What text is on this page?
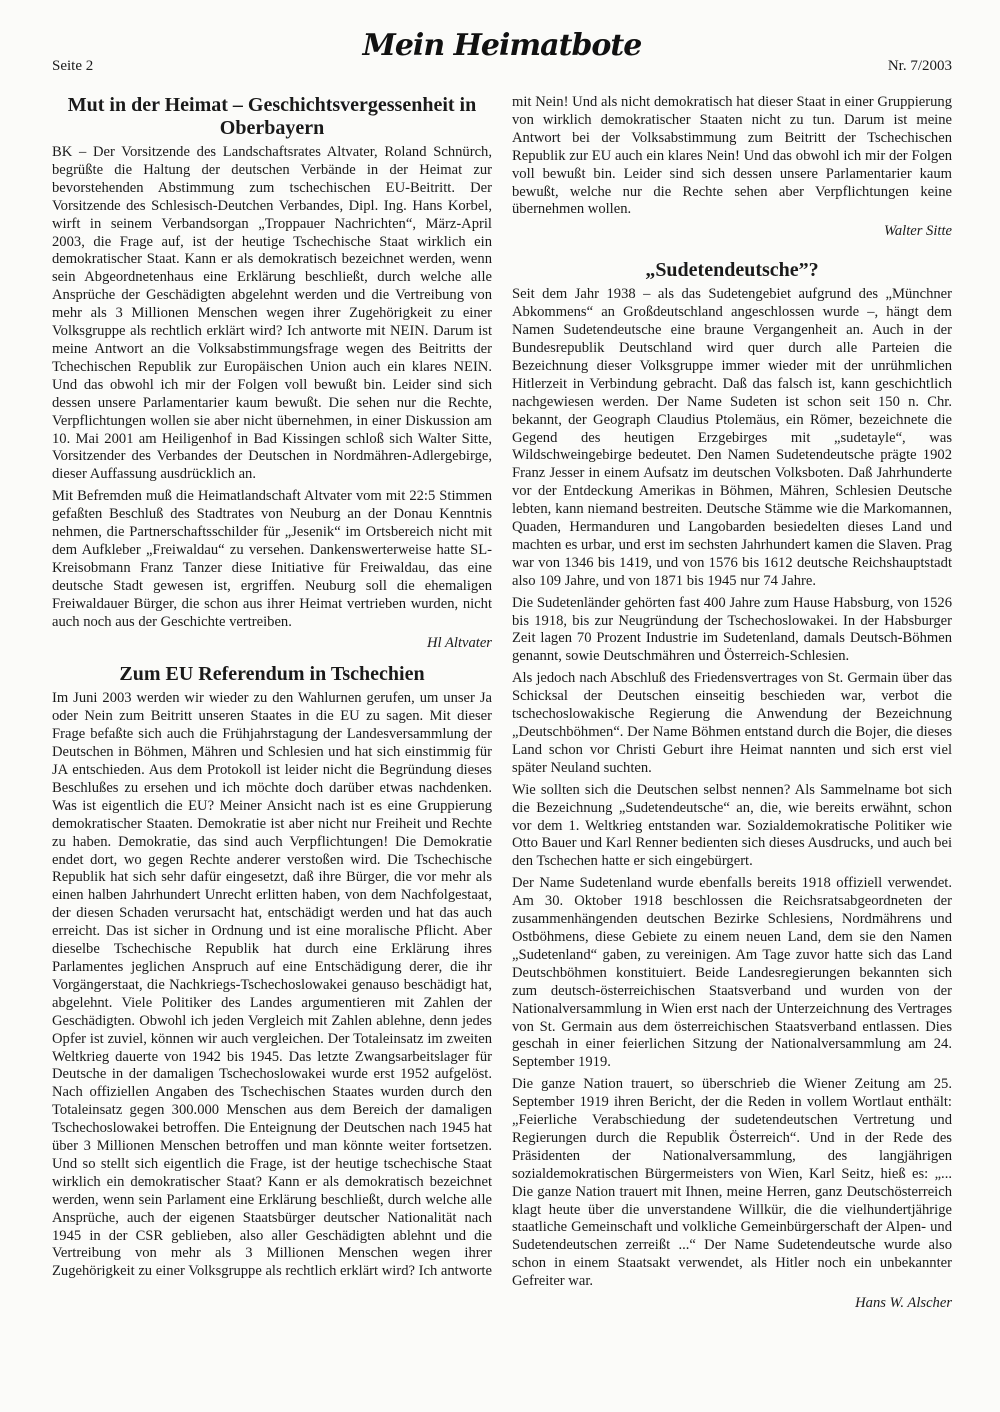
Seite 2
Mein Heimatbote
Nr. 7/2003
Mut in der Heimat – Geschichtsvergessenheit in Oberbayern

BK – Der Vorsitzende des Landschaftsrates Altvater, Roland Schnürch, begrüßte die Haltung der deutschen Verbände in der Heimat zur bevorstehenden Abstimmung zum tschechischen EU-Beitritt. Der Vorsitzende des Schlesisch-Deutchen Verbandes, Dipl. Ing. Hans Korbel, wirft in seinem Verbandsorgan „Troppauer Nachrichten“, März-April 2003, die Frage auf, ist der heutige Tschechische Staat wirklich ein demokratischer Staat. Kann er als demokratisch bezeichnet werden, wenn sein Abgeordnetenhaus eine Erklärung beschließt, durch welche alle Ansprüche der Geschädigten abgelehnt werden und die Vertreibung von mehr als 3 Millionen Menschen wegen ihrer Zugehörigkeit zu einer Volksgruppe als rechtlich erklärt wird? Ich antworte mit NEIN. Darum ist meine Antwort an die Volksabstimmungsfrage wegen des Beitritts der Tchechischen Republik zur Europäischen Union auch ein klares NEIN. Und das obwohl ich mir der Folgen voll bewußt bin. Leider sind sich dessen unsere Parlamentarier kaum bewußt. Die sehen nur die Rechte, Verpflichtungen wollen sie aber nicht übernehmen, in einer Diskussion am 10. Mai 2001 am Heiligenhof in Bad Kissingen schloß sich Walter Sitte, Vorsitzender des Verbandes der Deutschen in Nordmähren-Adlergebirge, dieser Auffassung ausdrücklich an.

Mit Befremden muß die Heimatlandschaft Altvater vom mit 22:5 Stimmen gefaßten Beschluß des Stadtrates von Neuburg an der Donau Kenntnis nehmen, die Partnerschaftsschilder für „Jesenik“ im Ortsbereich nicht mit dem Aufkleber „Freiwaldau“ zu versehen. Dankenswerterweise hatte SL-Kreisobmann Franz Tanzer diese Initiative für Freiwaldau, das eine deutsche Stadt gewesen ist, ergriffen. Neuburg soll die ehemaligen Freiwaldauer Bürger, die schon aus ihrer Heimat vertrieben wurden, nicht auch noch aus der Geschichte vertreiben.

Hl Altvater
Zum EU Referendum in Tschechien

Im Juni 2003 werden wir wieder zu den Wahlurnen gerufen, um unser Ja oder Nein zum Beitritt unseren Staates in die EU zu sagen. Mit dieser Frage befaßte sich auch die Frühjahrstagung der Landesversammlung der Deutschen in Böhmen, Mähren und Schlesien und hat sich einstimmig für JA entschieden. Aus dem Protokoll ist leider nicht die Begründung dieses Beschlußes zu ersehen und ich möchte doch darüber etwas nachdenken. Was ist eigentlich die EU? Meiner Ansicht nach ist es eine Gruppierung demokratischer Staaten. Demokratie ist aber nicht nur Freiheit und Rechte zu haben. Demokratie, das sind auch Verpflichtungen! Die Demokratie endet dort, wo gegen Rechte anderer verstoßen wird. Die Tschechische Republik hat sich sehr dafür eingesetzt, daß ihre Bürger, die vor mehr als einen halben Jahrhundert Unrecht erlitten haben, von dem Nachfolgestaat, der diesen Schaden verursacht hat, entschädigt werden und hat das auch erreicht. Das ist sicher in Ordnung und ist eine moralische Pflicht. Aber dieselbe Tschechische Republik hat durch eine Erklärung ihres Parlamentes jeglichen Anspruch auf eine Entschädigung derer, die ihr Vorgängerstaat, die Nachkriegs-Tschechoslowakei genauso beschädigt hat, abgelehnt. Viele Politiker des Landes argumentieren mit Zahlen der Geschädigten. Obwohl ich jeden Vergleich mit Zahlen ablehne, denn jedes Opfer ist zuviel, können wir auch vergleichen. Der Totaleinsatz im zweiten Weltkrieg dauerte von 1942 bis 1945. Das letzte Zwangsarbeitslager für Deutsche in der damaligen Tschechoslowakei wurde erst 1952 aufgelöst. Nach offiziellen Angaben des Tschechischen Staates wurden durch den Totaleinsatz gegen 300.000 Menschen aus dem Bereich der damaligen Tschechoslowakei betroffen. Die Enteignung der Deutschen nach 1945 hat über 3 Millionen Menschen betroffen und man könnte weiter fortsetzen. Und so stellt sich eigentlich die Frage, ist der heutige tschechische Staat wirklich ein demokratischer Staat? Kann er als demokratisch bezeichnet werden, wenn sein Parlament eine Erklärung beschließt, durch welche alle Ansprüche, auch der eigenen Staatsbürger deutscher Nationalität nach 1945 in der CSR geblieben, also aller Geschädigten ablehnt und die Vertreibung von mehr als 3 Millionen Menschen wegen ihrer Zugehörigkeit zu einer Volksgruppe als rechtlich erklärt wird? Ich antworte

mit Nein! Und als nicht demokratisch hat dieser Staat in einer Gruppierung von wirklich demokratischer Staaten nicht zu tun. Darum ist meine Antwort bei der Volksabstimmung zum Beitritt der Tschechischen Republik zur EU auch ein klares Nein! Und das obwohl ich mir der Folgen voll bewußt bin. Leider sind sich dessen unsere Parlamentarier kaum bewußt, welche nur die Rechte sehen aber Verpflichtungen keine übernehmen wollen.

Walter Sitte
„Sudetendeutsche”?

Seit dem Jahr 1938 – als das Sudetengebiet aufgrund des „Münchner Abkommens“ an Großdeutschland angeschlossen wurde –, hängt dem Namen Sudetendeutsche eine braune Vergangenheit an. Auch in der Bundesrepublik Deutschland wird quer durch alle Parteien die Bezeichnung dieser Volksgruppe immer wieder mit der unrühmlichen Hitlerzeit in Verbindung gebracht. Daß das falsch ist, kann geschichtlich nachgewiesen werden. Der Name Sudeten ist schon seit 150 n. Chr. bekannt, der Geograph Claudius Ptolemäus, ein Römer, bezeichnete die Gegend des heutigen Erzgebirges mit „sudetayle“, was Wildschweingebirge bedeutet. Den Namen Sudetendeutsche prägte 1902 Franz Jesser in einem Aufsatz im deutschen Volksboten. Daß Jahrhunderte vor der Entdeckung Amerikas in Böhmen, Mähren, Schlesien Deutsche lebten, kann niemand bestreiten. Deutsche Stämme wie die Markomannen, Quaden, Hermanduren und Langobarden besiedelten dieses Land und machten es urbar, und erst im sechsten Jahrhundert kamen die Slaven. Prag war von 1346 bis 1419, und von 1576 bis 1612 deutsche Reichshauptstadt also 109 Jahre, und von 1871 bis 1945 nur 74 Jahre.

Die Sudetenländer gehörten fast 400 Jahre zum Hause Habsburg, von 1526 bis 1918, bis zur Neugründung der Tschechoslowakei. In der Habsburger Zeit lagen 70 Prozent Industrie im Sudetenland, damals Deutsch-Böhmen genannt, sowie Deutschmähren und Österreich-Schlesien.

Als jedoch nach Abschluß des Friedensvertrages von St. Germain über das Schicksal der Deutschen einseitig beschieden war, verbot die tschechoslowakische Regierung die Anwendung der Bezeichnung „Deutschböhmen“. Der Name Böhmen entstand durch die Bojer, die dieses Land schon vor Christi Geburt ihre Heimat nannten und sich erst viel später Neuland suchten.

Wie sollten sich die Deutschen selbst nennen? Als Sammelname bot sich die Bezeichnung „Sudetendeutsche“ an, die, wie bereits erwähnt, schon vor dem 1. Weltkrieg entstanden war. Sozialdemokratische Politiker wie Otto Bauer und Karl Renner bedienten sich dieses Ausdrucks, und auch bei den Tschechen hatte er sich eingebürgert.

Der Name Sudetenland wurde ebenfalls bereits 1918 offiziell verwendet. Am 30. Oktober 1918 beschlossen die Reichsratsabgeordneten der zusammenhängenden deutschen Bezirke Schlesiens, Nordmährens und Ostböhmens, diese Gebiete zu einem neuen Land, dem sie den Namen „Sudetenland“ gaben, zu vereinigen. Am Tage zuvor hatte sich das Land Deutschböhmen konstituiert. Beide Landesregierungen bekannten sich zum deutsch-österreichischen Staatsverband und wurden von der Nationalversammlung in Wien erst nach der Unterzeichnung des Vertrages von St. Germain aus dem österreichischen Staatsverband entlassen. Dies geschah in einer feierlichen Sitzung der Nationalversammlung am 24. September 1919.

Die ganze Nation trauert, so überschrieb die Wiener Zeitung am 25. September 1919 ihren Bericht, der die Reden in vollem Wortlaut enthält: „Feierliche Verabschiedung der sudetendeutschen Vertretung und Regierungen durch die Republik Österreich“. Und in der Rede des Präsidenten der Nationalversammlung, des langjährigen sozialdemokratischen Bürgermeisters von Wien, Karl Seitz, hieß es: „... Die ganze Nation trauert mit Ihnen, meine Herren, ganz Deutschösterreich klagt heute über die unverstandene Willkür, die die vielhundertjährige staatliche Gemeinschaft und volkliche Gemeinbürgerschaft der Alpen- und Sudetendeutschen zerreißt ...“ Der Name Sudetendeutsche wurde also schon in einem Staatsakt verwendet, als Hitler noch ein unbekannter Gefreiter war.

Hans W. Alscher
